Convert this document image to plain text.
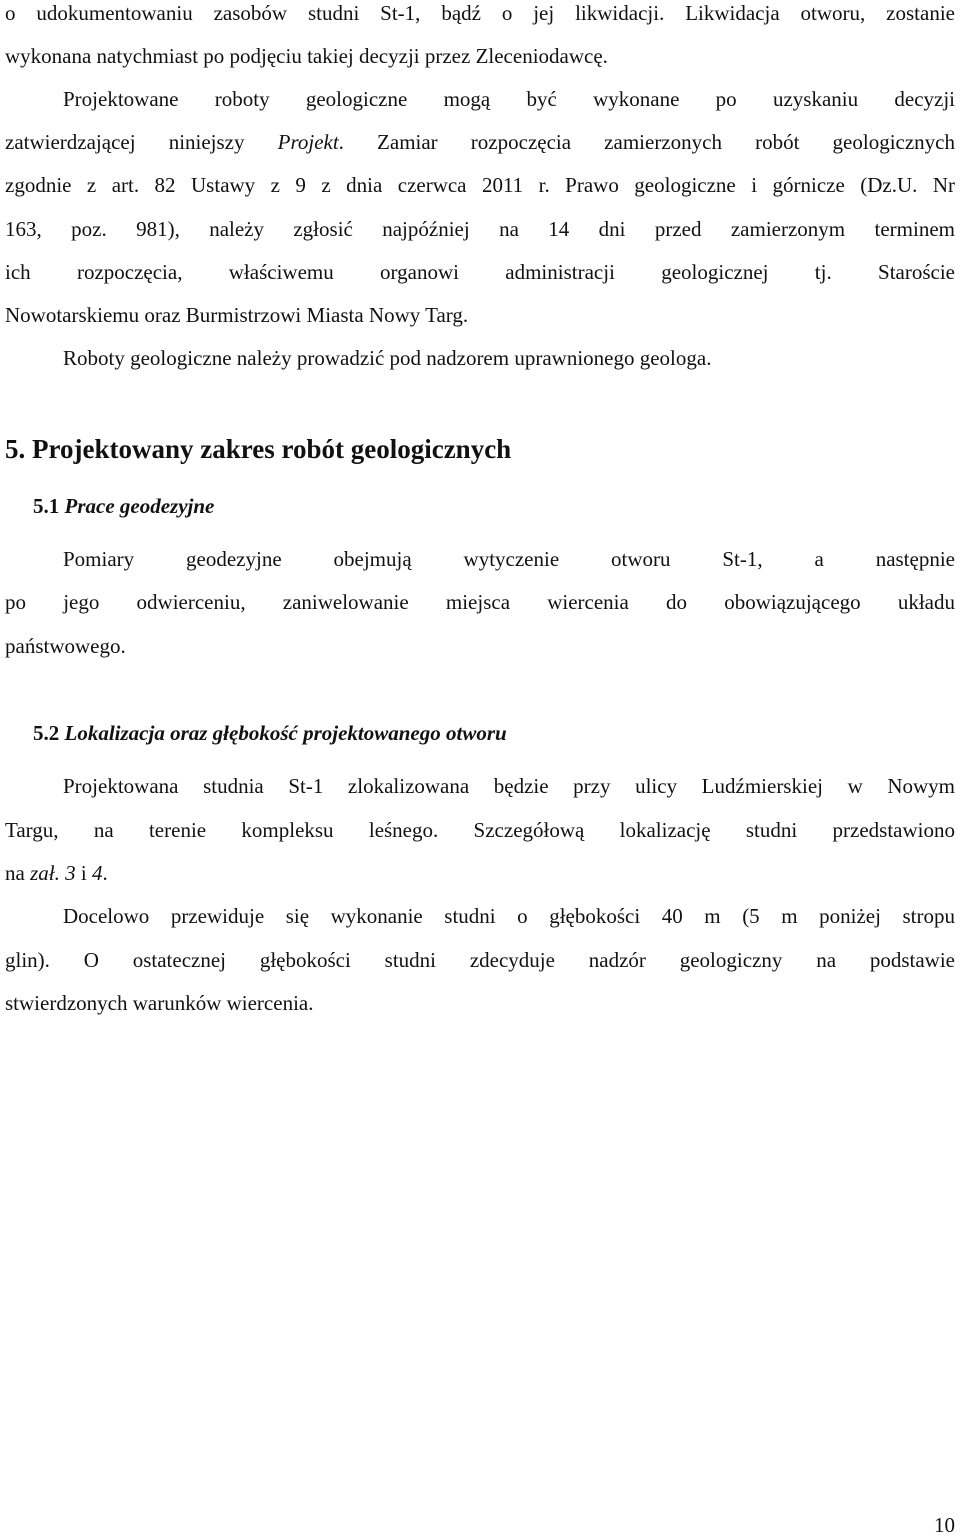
o udokumentowaniu zasobów studni St-1, bądź o jej likwidacji. Likwidacja otworu, zostanie

wykonana natychmiast po podjęciu takiej decyzji przez Zleceniodawcę.

Projektowane roboty geologiczne mogą być wykonane po uzyskaniu decyzji

zatwierdzającej niniejszy Projekt. Zamiar rozpoczęcia zamierzonych robót geologicznych

zgodnie z art. 82 Ustawy z 9 z dnia czerwca 2011 r. Prawo geologiczne i górnicze (Dz.U. Nr

163, poz. 981), należy zgłosić najpóźniej na 14 dni przed zamierzonym terminem

ich rozpoczęcia, właściwemu organowi administracji geologicznej tj. Staroście

Nowotarskiemu oraz Burmistrzowi Miasta Nowy Targ.

Roboty geologiczne należy prowadzić pod nadzorem uprawnionego geologa.

5. Projektowany zakres robót geologicznych
5.1 Prace geodezyjne

Pomiary geodezyjne obejmują wytyczenie otworu St-1, a następnie

po jego odwierceniu, zaniwelowanie miejsca wiercenia do obowiązującego układu

państwowego.

5.2 Lokalizacja oraz głębokość projektowanego otworu

Projektowana studnia St-1 zlokalizowana będzie przy ulicy Ludźmierskiej w Nowym

Targu, na terenie kompleksu leśnego. Szczegółową lokalizację studni przedstawiono

na zał. 3 i 4.

Docelowo przewiduje się wykonanie studni o głębokości 40 m (5 m poniżej stropu

glin). O ostatecznej głębokości studni zdecyduje nadzór geologiczny na podstawie

stwierdzonych warunków wiercenia.

10
